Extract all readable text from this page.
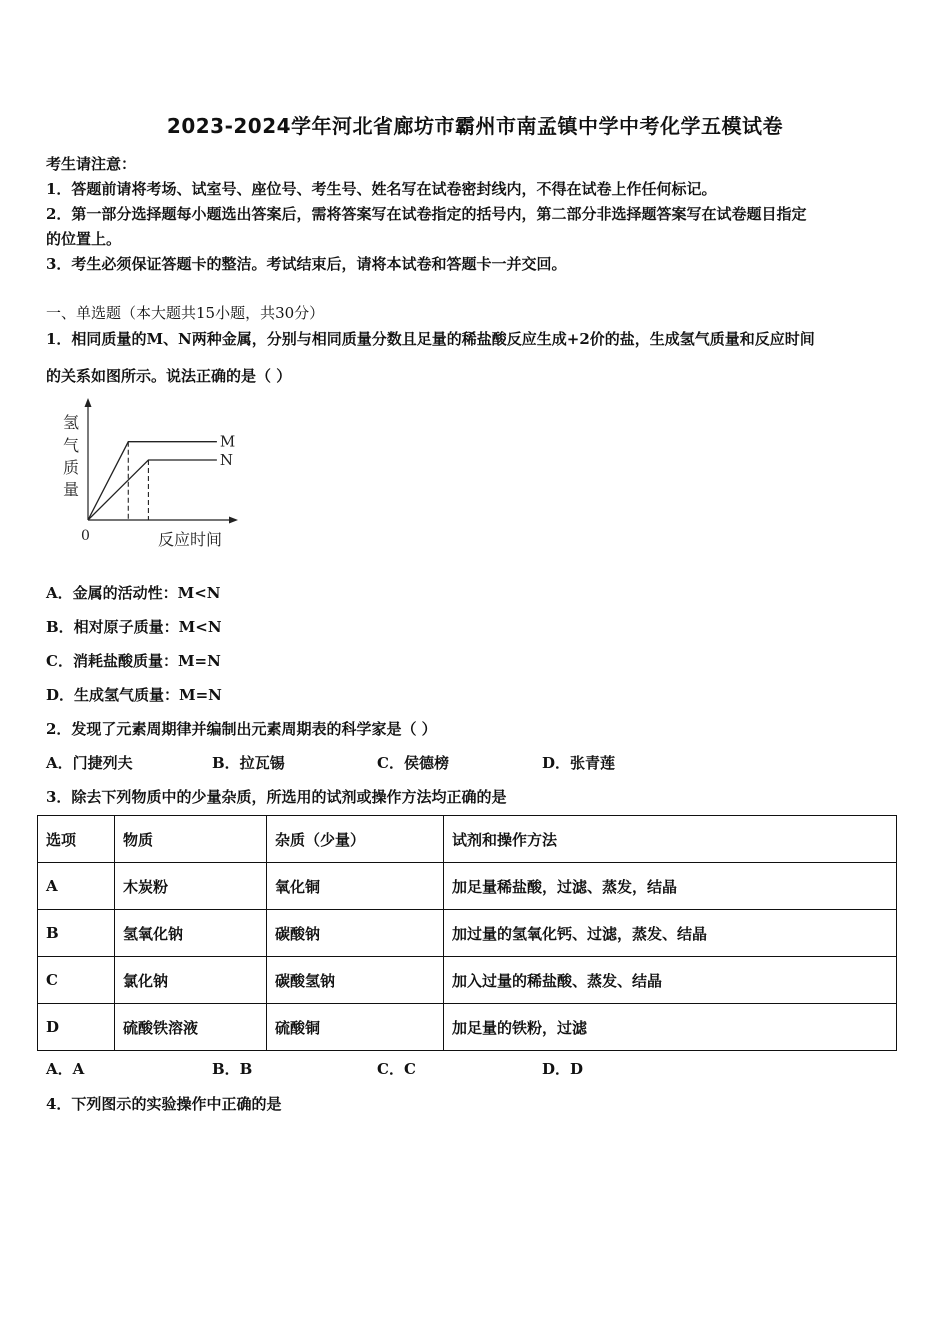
2023-2024学年河北省廊坊市霸州市南孟镇中学中考化学五模试卷
考生请注意：
1．答题前请将考场、试室号、座位号、考生号、姓名写在试卷密封线内，不得在试卷上作任何标记。
2．第一部分选择题每小题选出答案后，需将答案写在试卷指定的括号内，第二部分非选择题答案写在试卷题目指定
的位置上。
3．考生必须保证答题卡的整洁。考试结束后，请将本试卷和答题卡一并交回。
一、单选题（本大题共15小题，共30分）
1．相同质量的M、N两种金属，分别与相同质量分数且足量的稀盐酸反应生成+2价的盐，生成氢气质量和反应时间
的关系如图所示。说法正确的是（ ）
氢
气
质
量
0	反应时间
M
N
A．金属的活动性：M<N
B．相对原子质量：M<N
C．消耗盐酸质量：M=N
D．生成氢气质量：M=N
2．发现了元素周期律并编制出元素周期表的科学家是（ ）
A．门捷列夫	B．拉瓦锡	C．侯德榜	D．张青莲
3．除去下列物质中的少量杂质，所选用的试剂或操作方法均正确的是
选项	物质	杂质（少量）	试剂和操作方法
A	木炭粉	氧化铜	加足量稀盐酸，过滤、蒸发，结晶
B	氢氧化钠	碳酸钠	加过量的氢氧化钙、过滤，蒸发、结晶
C	氯化钠	碳酸氢钠	加入过量的稀盐酸、蒸发、结晶
D	硫酸铁溶液	硫酸铜	加足量的铁粉，过滤
A．A	B．B	C．C	D．D
4．下列图示的实验操作中正确的是
